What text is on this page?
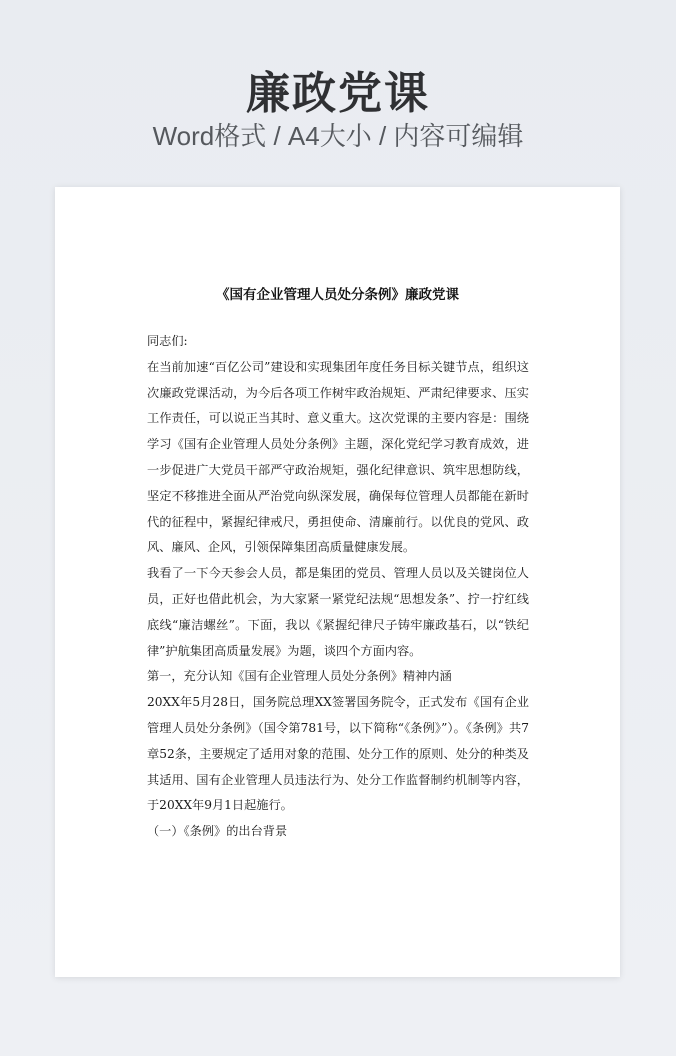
廉政党课
Word格式 / A4大小 / 内容可编辑
《国有企业管理人员处分条例》廉政党课

同志们:

在当前加速“百亿公司”建设和实现集团年度任务目标关键节点，组织这次廉政党课活动，为今后各项工作树牢政治规矩、严肃纪律要求、压实工作责任，可以说正当其时、意义重大。这次党课的主要内容是：围绕学习《国有企业管理人员处分条例》主题，深化党纪学习教育成效，进一步促进广大党员干部严守政治规矩，强化纪律意识、筑牢思想防线，坚定不移推进全面从严治党向纵深发展，确保每位管理人员都能在新时代的征程中，紧握纪律戒尺，勇担使命、清廉前行。以优良的党风、政风、廉风、企风，引领保障集团高质量健康发展。

我看了一下今天参会人员，都是集团的党员、管理人员以及关键岗位人员，正好也借此机会，为大家紧一紧党纪法规“思想发条”、拧一拧红线底线“廉洁螺丝”。下面，我以《紧握纪律尺子铸牢廉政基石，以“铁纪律”护航集团高质量发展》为题，谈四个方面内容。

第一，充分认知《国有企业管理人员处分条例》精神内涵

20XX年5月28日，国务院总理XX签署国务院令，正式发布《国有企业管理人员处分条例》（国令第781号，以下简称“《条例》”）。《条例》共7章52条，主要规定了适用对象的范围、处分工作的原则、处分的种类及其适用、国有企业管理人员违法行为、处分工作监督制约机制等内容，于20XX年9月1日起施行。

（一）《条例》的出台背景
